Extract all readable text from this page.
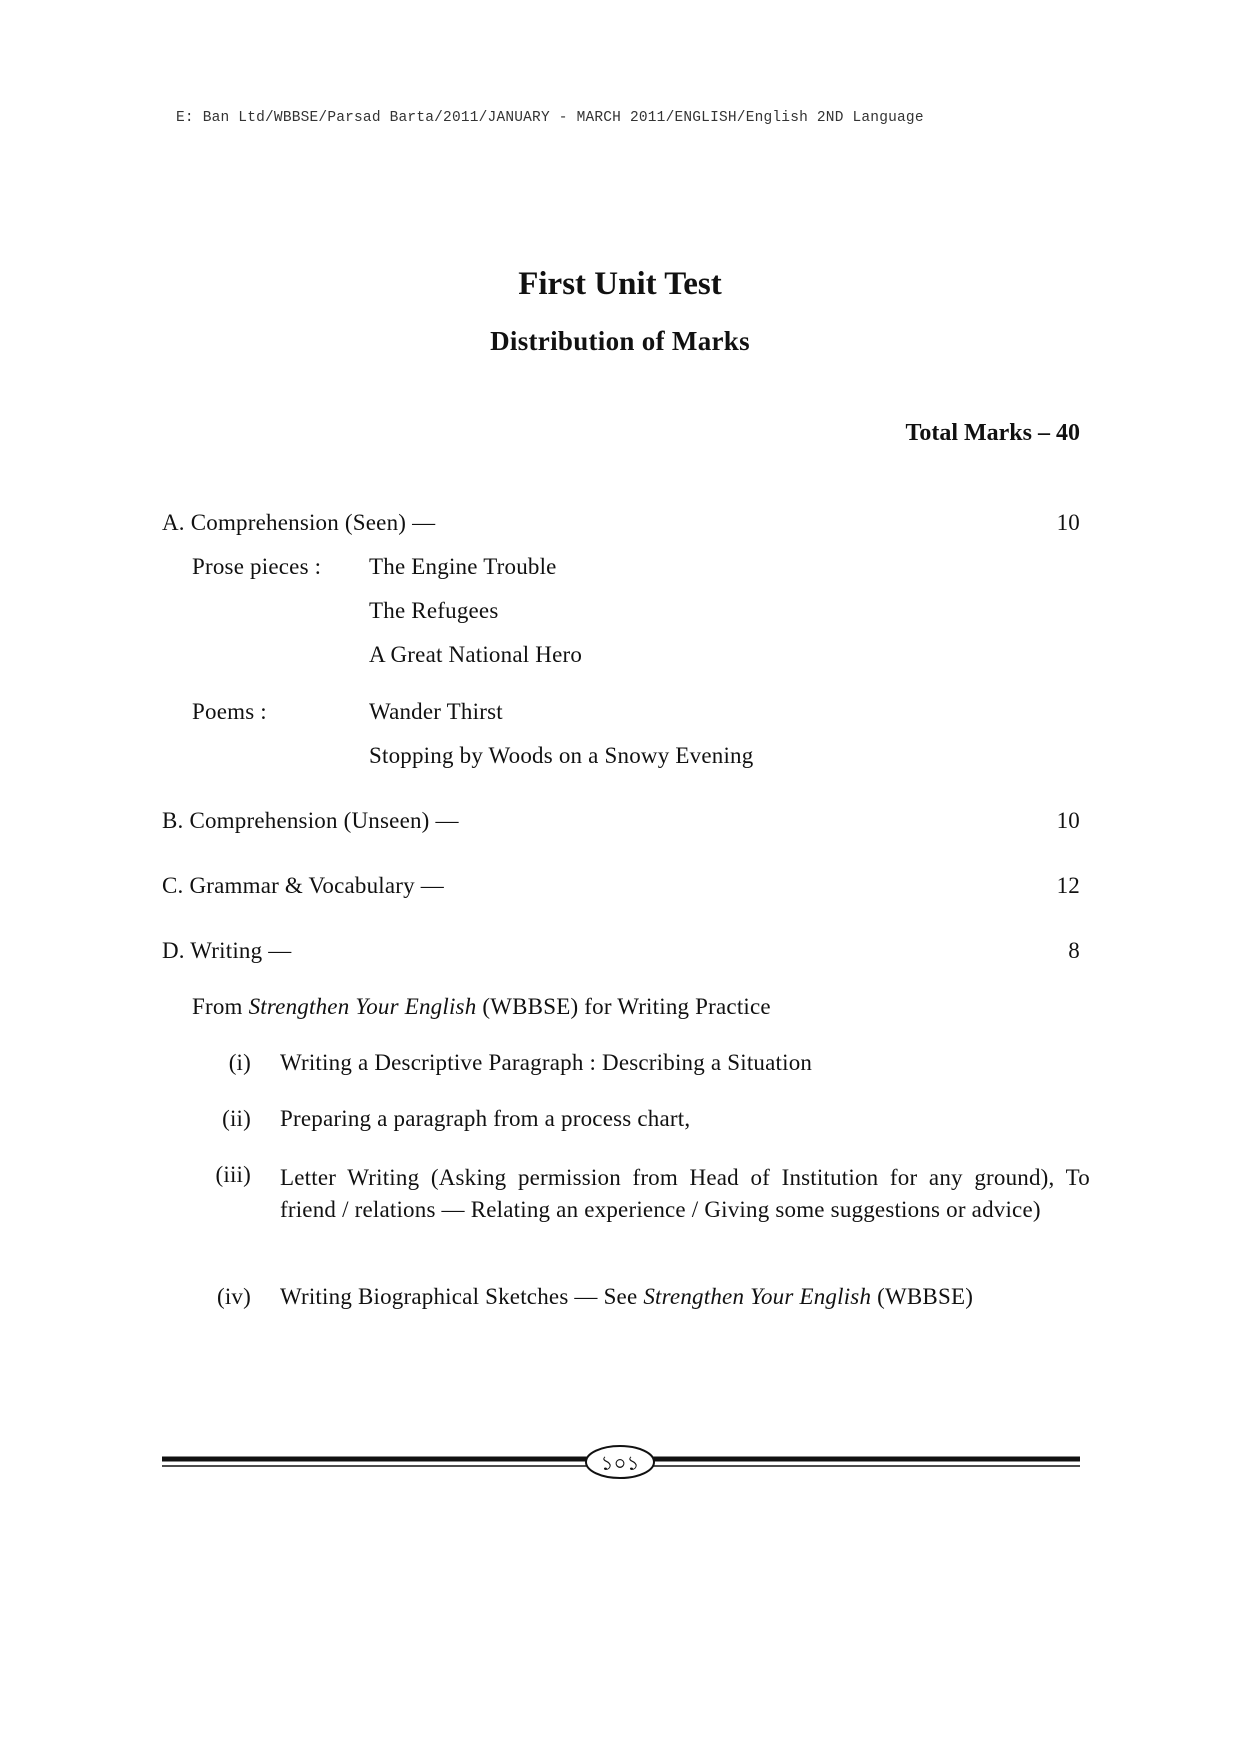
E: Ban Ltd/WBBSE/Parsad Barta/2011/JANUARY - MARCH 2011/ENGLISH/English 2ND Language
First Unit Test
Distribution of Marks
Total Marks – 40
A. Comprehension (Seen) —	10
Prose pieces : The Engine Trouble
The Refugees
A Great National Hero
Poems :	Wander Thirst
Stopping by Woods on a Snowy Evening
B. Comprehension (Unseen) —	10
C. Grammar & Vocabulary —	12
D. Writing —	8
From Strengthen Your English (WBBSE) for Writing Practice
(i) Writing a Descriptive Paragraph : Describing a Situation
(ii) Preparing a paragraph from a process chart,
(iii) Letter Writing (Asking permission from Head of Institution for any ground), To friend / relations — Relating an experience / Giving some suggestions or advice)
(iv) Writing Biographical Sketches — See Strengthen Your English (WBBSE)
১০১
